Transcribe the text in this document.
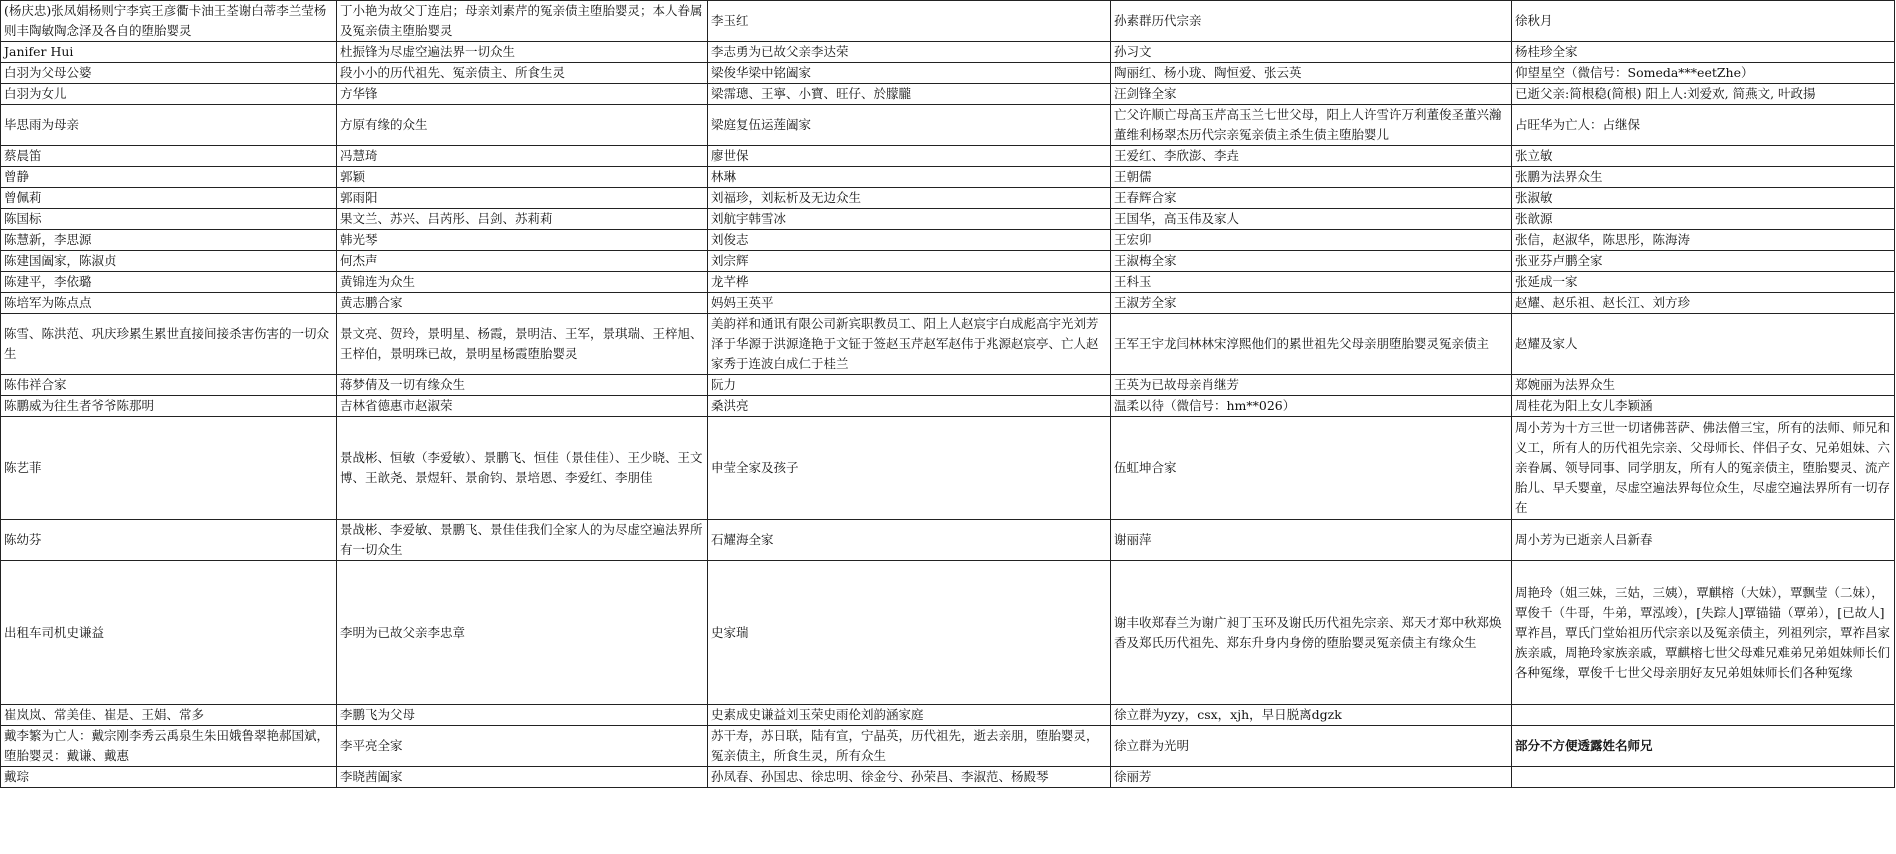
(杨庆忠)张凤娟杨则宁李宾王彦衢卡油王荃谢白蒂李兰莹杨则丰陶敏陶念泽及各自的堕胎婴灵	丁小艳为故父丁连启；母亲刘素芹的冤亲债主堕胎婴灵；本人眷属及冤亲债主堕胎婴灵	李玉红	孙素群历代宗亲	徐秋月
Janifer Hui	杜振锋为尽虚空遍法界一切众生	李志勇为已故父亲李达荣	孙习文	杨桂珍全家
白羽为父母公婆	段小小的历代祖先、冤亲债主、所食生灵	梁俊华梁中铭阖家	陶丽红、杨小珑、陶恒爱、张云英	仰望星空（微信号：Someda***eetZhe）
白羽为女儿	方华锋	梁霈璁、王寧、小寶、旺仔、於朦朧	汪剑锋全家	已逝父亲:简根稳(简根) 阳上人:刘爱欢, 简燕文, 叶政揚
毕思雨为母亲	方原有缘的众生	梁庭复伍运莲阖家	亡父许顺亡母高玉芹高玉兰七世父母，阳上人许雪许万利董俊圣董兴瀚董维利杨翠杰历代宗亲冤亲债主杀生债主堕胎婴儿	占旺华为亡人：占继保
蔡晨笛	冯慧琦	廖世保	王爱红、李欣澎、李垚	张立敏
曾静	郭颖	林琳	王朝儒	张鹏为法界众生
曾佩莉	郭雨阳	刘福珍，刘耘析及无边众生	王春辉合家	张淑敏
陈国标	果文兰、苏兴、吕芮彤、吕剑、苏莉莉	刘航宇韩雪冰	王国华，高玉伟及家人	张歆源
陈慧新，李思源	韩光琴	刘俊志	王宏卯	张信，赵淑华，陈思彤，陈海涛
陈建国阖家，陈淑贞	何杰声	刘宗辉	王淑梅全家	张亚芬卢鹏全家
陈建平，李依璐	黄锦连为众生	龙芊桦	王科玉	张延成一家
陈培军为陈点点	黄志鹏合家	妈妈王英平	王淑芳全家	赵耀、赵乐祖、赵长江、刘方珍
陈雪、陈洪范、巩庆珍累生累世直接间接杀害伤害的一切众生	景文亮、贺玲，景明星、杨霞，景明洁、王军，景琪瑞、王梓旭、王梓伯，景明珠已故，景明星杨霞堕胎婴灵	美韵祥和通讯有限公司新宾职教员工、阳上人赵宸宇白成彪高宇光刘芳泽于华源于洪源逄艳于文钲于签赵玉芹赵军赵伟于兆源赵宸亭、亡人赵家秀于连波白成仁于桂兰	王军王宇龙闫林林宋淳熙他们的累世祖先父母亲朋堕胎婴灵冤亲债主	赵耀及家人
陈伟祥合家	蒋梦倩及一切有缘众生	阮力	王英为已故母亲肖继芳	郑婉丽为法界众生
陈鹏威为往生者爷爷陈那明	吉林省德惠市赵淑荣	桑洪亮	温柔以待（微信号：hm**026）	周桂花为阳上女儿李颖涵
陈艺菲	景战彬、恒敏（李爱敏）、景鹏飞、恒佳（景佳佳）、王少晓、王文博、王歆尧、景煜轩、景俞钧、景培恩、李爱红、李朋佳	申莹全家及孩子	伍虹坤合家	周小芳为十方三世一切诸佛菩萨、佛法僧三宝，所有的法师、师兄和义工，所有人的历代祖先宗亲、父母师长、伴侣子女、兄弟姐妹、六亲眷属、领导同事、同学朋友，所有人的冤亲债主，堕胎婴灵、流产胎儿、早夭婴童，尽虚空遍法界每位众生，尽虚空遍法界所有一切存在
陈幼芬	景战彬、李爱敏、景鹏飞、景佳佳我们全家人的为尽虚空遍法界所有一切众生	石耀海全家	谢丽萍	周小芳为已逝亲人吕新春
出租车司机史谦益	李明为已故父亲李忠章	史家瑞	谢丰收郑春兰为谢广昶丁玉环及谢氏历代祖先宗亲、郑天才郑中秋郑焕香及郑氏历代祖先、郑东升身内身傍的堕胎婴灵冤亲债主有缘众生	周艳玲（姐三妹，三姑，三姨），覃麒榕（大妹），覃飘莹（二妹），覃俊千（牛哥，牛弟，覃泓竣），[失踪人]覃锚锚（覃弟），[已故人]覃祚昌，覃氏门堂始祖历代宗亲以及冤亲债主，列祖列宗，覃祚昌家族亲戚，周艳玲家族亲戚，覃麒榕七世父母难兄难弟兄弟姐妹师长们各种冤缘，覃俊千七世父母亲朋好友兄弟姐妹师长们各种冤缘
崔岚岚、常美佳、崔是、王娟、常多	李鹏飞为父母	史素成史谦益刘玉荣史雨伦刘韵涵家庭	徐立群为yzy，csx，xjh，早日脱离dgzk	
戴李繁为亡人：戴宗刚李秀云禹泉生朱田娥鲁翠艳郝国斌，堕胎婴灵：戴谦、戴惠	李平亮全家	苏干寿，苏日联，陆有宣，宁晶英，历代祖先，逝去亲朋，堕胎婴灵，冤亲债主，所食生灵，所有众生	徐立群为光明	部分不方便透露姓名师兄
戴琮	李晓茜阖家	孙凤春、孙国忠、徐忠明、徐金兮、孙荣昌、李淑范、杨殿琴	徐丽芳	
